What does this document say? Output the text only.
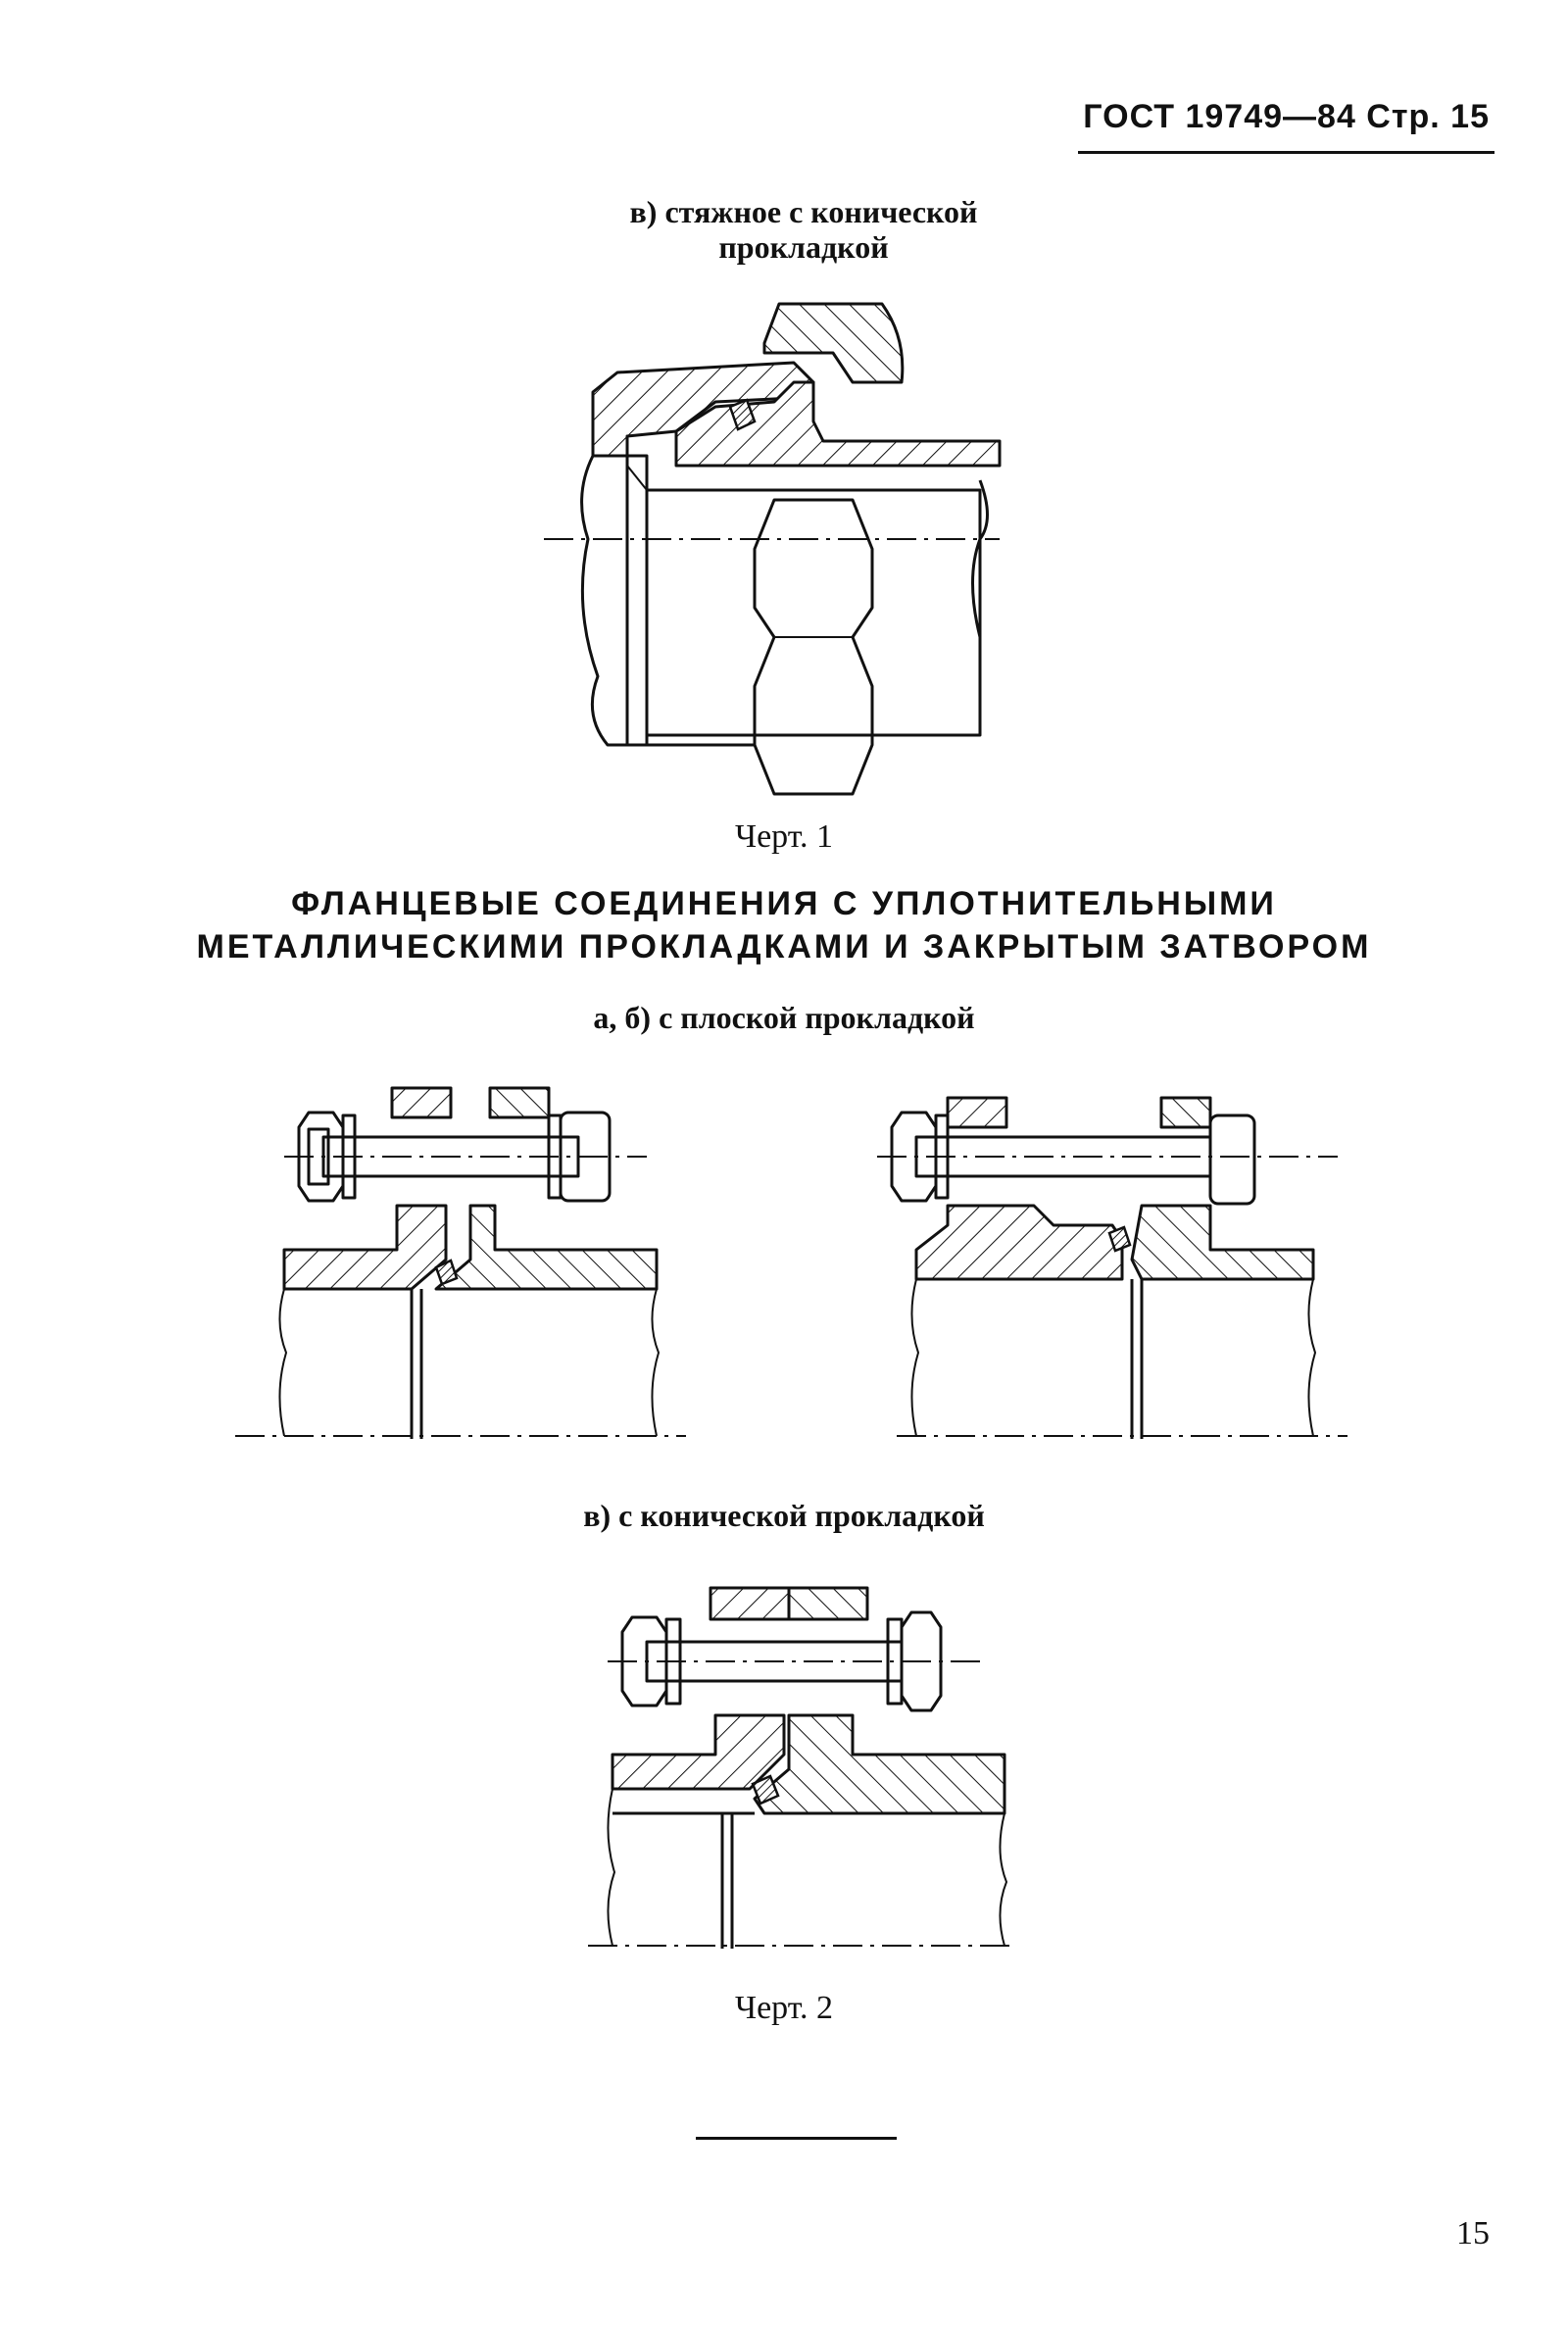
ГОСТ 19749—84 Стр. 15
в) стяжное с конической
прокладкой
Черт. 1
ФЛАНЦЕВЫЕ СОЕДИНЕНИЯ С УПЛОТНИТЕЛЬНЫМИ
МЕТАЛЛИЧЕСКИМИ ПРОКЛАДКАМИ И ЗАКРЫТЫМ ЗАТВОРОМ
а, б) с плоской прокладкой
в) с конической прокладкой
Черт. 2
15
